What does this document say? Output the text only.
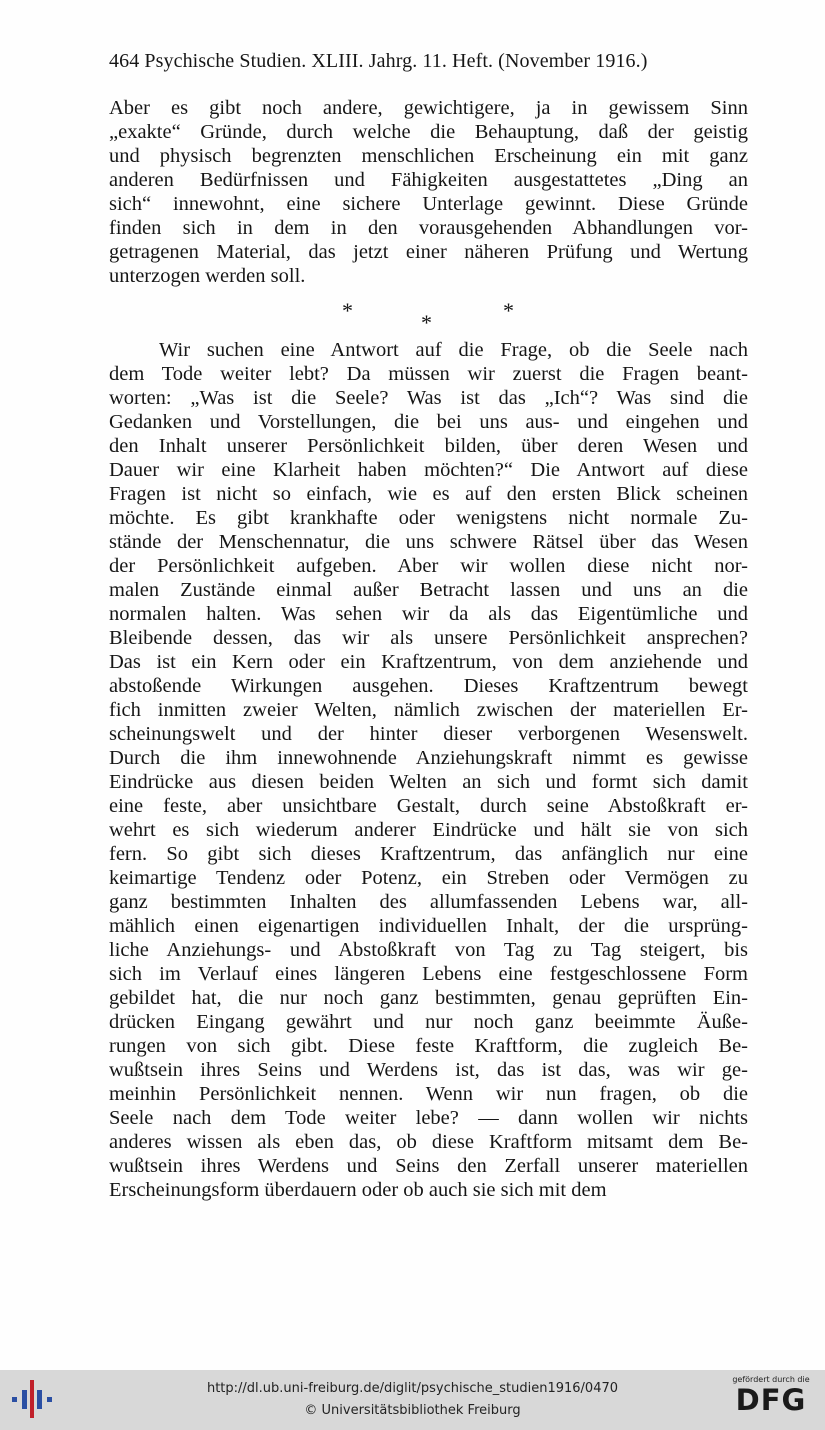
464 Psychische Studien. XLIII. Jahrg. 11. Heft. (November 1916.)
Aber es gibt noch andere, gewichtigere, ja in gewissem Sinn
„exakte“ Gründe, durch welche die Behauptung, daß der geistig
und physisch begrenzten menschlichen Erscheinung ein mit ganz
anderen Bedürfnissen und Fähigkeiten ausgestattetes „Ding an
sich“ innewohnt, eine sichere Unterlage gewinnt. Diese Gründe
finden sich in dem in den vorausgehenden Abhandlungen vor-
getragenen Material, das jetzt einer näheren Prüfung und Wertung
unterzogen werden soll.
*	*	*
Wir suchen eine Antwort auf die Frage, ob die Seele nach
dem Tode weiter lebt? Da müssen wir zuerst die Fragen beant-
worten: „Was ist die Seele? Was ist das „Ich“? Was sind die
Gedanken und Vorstellungen, die bei uns aus- und eingehen und
den Inhalt unserer Persönlichkeit bilden, über deren Wesen und
Dauer wir eine Klarheit haben möchten?“ Die Antwort auf diese
Fragen ist nicht so einfach, wie es auf den ersten Blick scheinen
möchte. Es gibt krankhafte oder wenigstens nicht normale Zu-
stände der Menschennatur, die uns schwere Rätsel über das Wesen
der Persönlichkeit aufgeben. Aber wir wollen diese nicht nor-
malen Zustände einmal außer Betracht lassen und uns an die
normalen halten. Was sehen wir da als das Eigentümliche und
Bleibende dessen, das wir als unsere Persönlichkeit ansprechen?
Das ist ein Kern oder ein Kraftzentrum, von dem anziehende und
abstoßende Wirkungen ausgehen. Dieses Kraftzentrum bewegt
fich inmitten zweier Welten, nämlich zwischen der materiellen Er-
scheinungswelt und der hinter dieser verborgenen Wesenswelt.
Durch die ihm innewohnende Anziehungskraft nimmt es gewisse
Eindrücke aus diesen beiden Welten an sich und formt sich damit
eine feste, aber unsichtbare Gestalt, durch seine Abstoßkraft er-
wehrt es sich wiederum anderer Eindrücke und hält sie von sich
fern. So gibt sich dieses Kraftzentrum, das anfänglich nur eine
keimartige Tendenz oder Potenz, ein Streben oder Vermögen zu
ganz bestimmten Inhalten des allumfassenden Lebens war, all-
mählich einen eigenartigen individuellen Inhalt, der die ursprüng-
liche Anziehungs- und Abstoßkraft von Tag zu Tag steigert, bis
sich im Verlauf eines längeren Lebens eine festgeschlossene Form
gebildet hat, die nur noch ganz bestimmten, genau geprüften Ein-
drücken Eingang gewährt und nur noch ganz beeimmte Äuße-
rungen von sich gibt. Diese feste Kraftform, die zugleich Be-
wußtsein ihres Seins und Werdens ist, das ist das, was wir ge-
meinhin Persönlichkeit nennen. Wenn wir nun fragen, ob die
Seele nach dem Tode weiter lebe? — dann wollen wir nichts
anderes wissen als eben das, ob diese Kraftform mitsamt dem Be-
wußtsein ihres Werdens und Seins den Zerfall unserer materiellen
Erscheinungsform überdauern oder ob auch sie sich mit dem
http://dl.ub.uni-freiburg.de/diglit/psychische_studien1916/0470
© Universitätsbibliothek Freiburg
gefördert durch die
DFG
